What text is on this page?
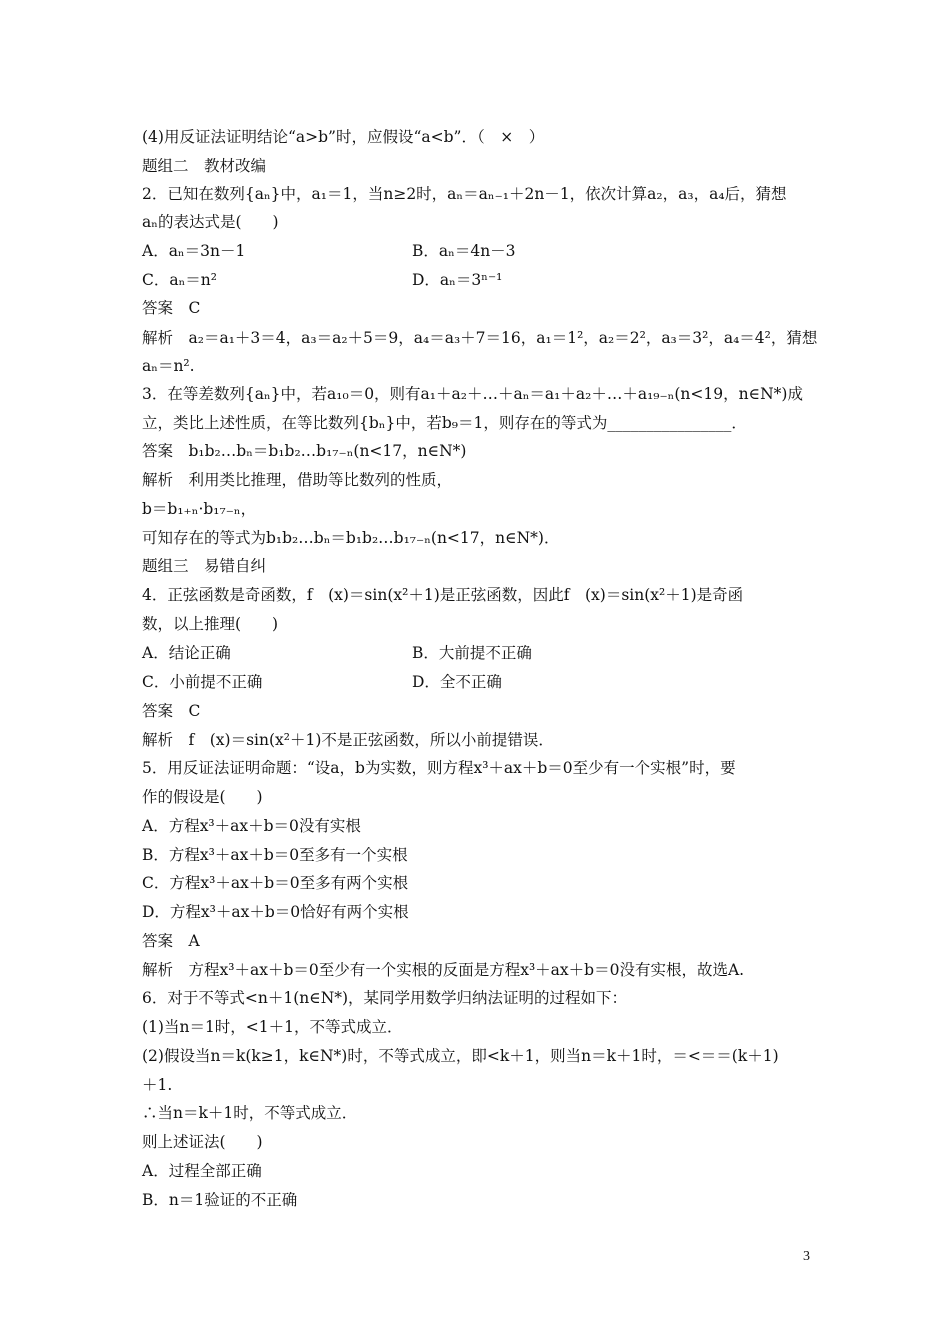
(4)用反证法证明结论“a>b”时，应假设“a<b”．（　×　）
题组二　教材改编
2．已知在数列{aₙ}中，a₁＝1，当n≥2时，aₙ＝aₙ₋₁＋2n－1，依次计算a₂，a₃，a₄后，猜想
aₙ的表达式是(　　)
A．aₙ＝3n－1	B．aₙ＝4n－3
C．aₙ＝n²	D．aₙ＝3ⁿ⁻¹
答案　C
解析　a₂＝a₁＋3＝4，a₃＝a₂＋5＝9，a₄＝a₃＋7＝16，a₁＝1²，a₂＝2²，a₃＝3²，a₄＝4²，猜想
aₙ＝n².
3．在等差数列{aₙ}中，若a₁₀＝0，则有a₁＋a₂＋…＋aₙ＝a₁＋a₂＋…＋a₁₉₋ₙ(n<19，n∈N*)成
立，类比上述性质，在等比数列{bₙ}中，若b₉＝1，则存在的等式为________________．
答案　b₁b₂…bₙ＝b₁b₂…b₁₇₋ₙ(n<17，n∈N*)
解析　利用类比推理，借助等比数列的性质，
b＝b₁₊ₙ·b₁₇₋ₙ，
可知存在的等式为b₁b₂…bₙ＝b₁b₂…b₁₇₋ₙ(n<17，n∈N*)．
题组三　易错自纠
4．正弦函数是奇函数，f　(x)＝sin(x²＋1)是正弦函数，因此f　(x)＝sin(x²＋1)是奇函
数，以上推理(　　)
A．结论正确	B．大前提不正确
C．小前提不正确	D．全不正确
答案　C
解析　f　(x)＝sin(x²＋1)不是正弦函数，所以小前提错误．
5．用反证法证明命题：“设a，b为实数，则方程x³＋ax＋b＝0至少有一个实根”时，要
作的假设是(　　)
A．方程x³＋ax＋b＝0没有实根
B．方程x³＋ax＋b＝0至多有一个实根
C．方程x³＋ax＋b＝0至多有两个实根
D．方程x³＋ax＋b＝0恰好有两个实根
答案　A
解析　方程x³＋ax＋b＝0至少有一个实根的反面是方程x³＋ax＋b＝0没有实根，故选A.
6．对于不等式<n＋1(n∈N*)，某同学用数学归纳法证明的过程如下：
(1)当n＝1时，<1＋1，不等式成立．
(2)假设当n＝k(k≥1，k∈N*)时，不等式成立，即<k＋1，则当n＝k＋1时，＝<＝＝(k＋1)
＋1.
∴当n＝k＋1时，不等式成立．
则上述证法(　　)
A．过程全部正确
B．n＝1验证的不正确
3
